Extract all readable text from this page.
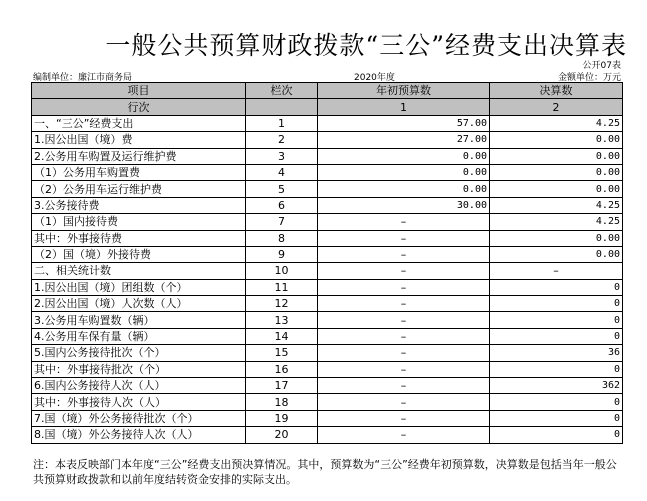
一般公共预算财政拨款“三公”经费支出决算表
公开07表
编制单位：廉江市商务局	2020年度	金额单位：万元
项目	栏次	年初预算数	决算数
行次		1	2
一、“三公”经费支出	1	57.00	4.25
1.因公出国（境）费	2	27.00	0.00
2.公务用车购置及运行维护费	3	0.00	0.00
（1）公务用车购置费	4	0.00	0.00
（2）公务用车运行维护费	5	0.00	0.00
3.公务接待费	6	30.00	4.25
（1）国内接待费	7	–	4.25
其中：外事接待费	8	–	0.00
（2）国（境）外接待费	9	–	0.00
二、相关统计数	10	–	–
1.因公出国（境）团组数（个）	11	–	0
2.因公出国（境）人次数（人）	12	–	0
3.公务用车购置数（辆）	13	–	0
4.公务用车保有量（辆）	14	–	0
5.国内公务接待批次（个）	15	–	36
其中：外事接待批次（个）	16	–	0
6.国内公务接待人次（人）	17	–	362
其中：外事接待人次（人）	18	–	0
7.国（境）外公务接待批次（个）	19	–	0
8.国（境）外公务接待人次（人）	20	–	0
注：本表反映部门本年度“三公”经费支出预决算情况。其中，预算数为“三公”经费年初预算数，决算数是包括当年一般公共预算财政拨款和以前年度结转资金安排的实际支出。
